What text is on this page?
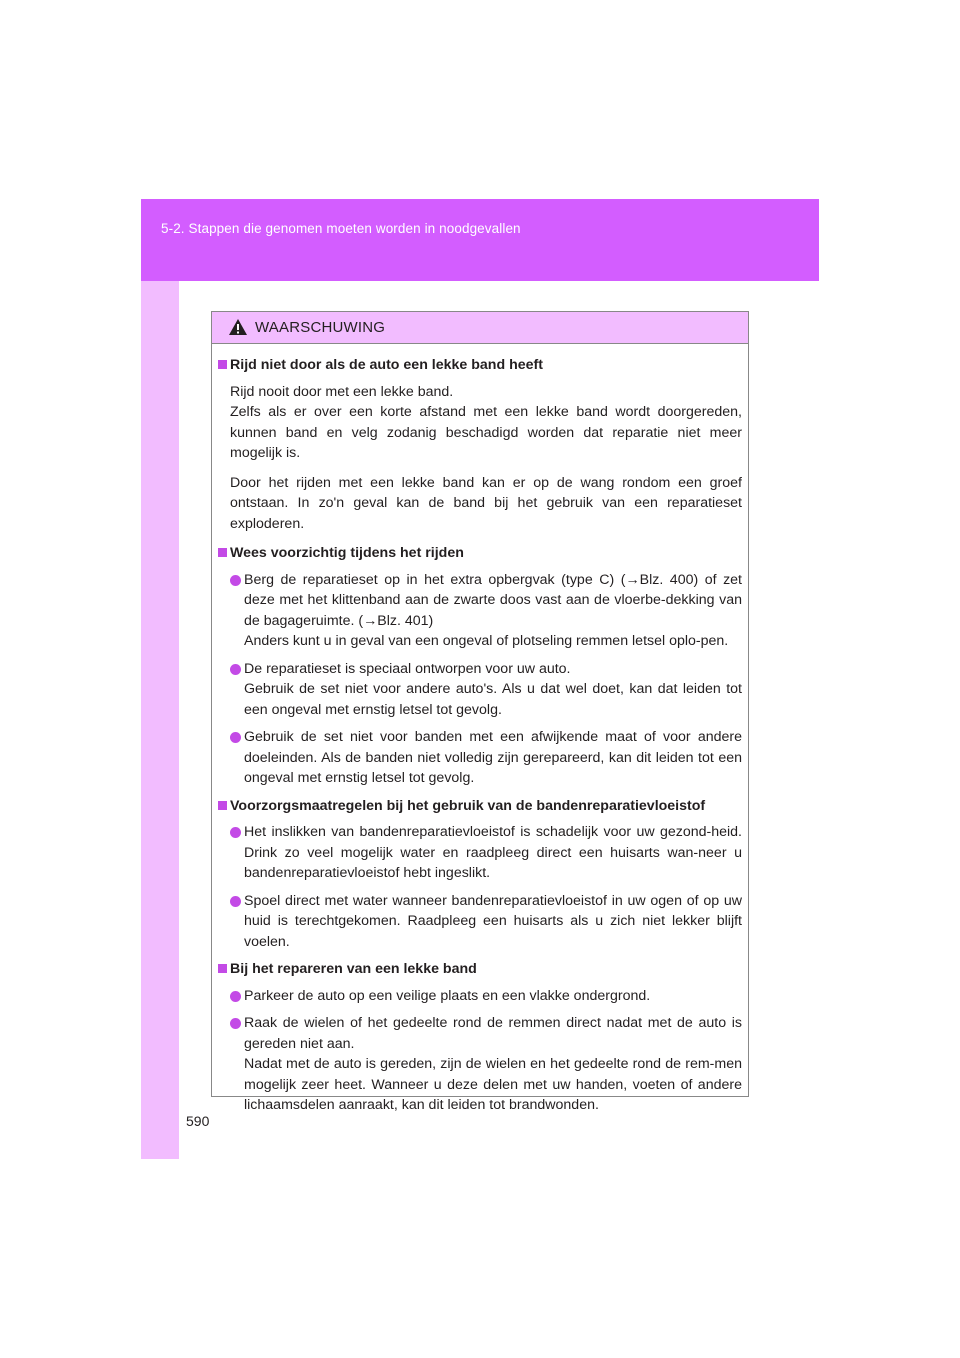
5-2. Stappen die genomen moeten worden in noodgevallen
590
WAARSCHUWING
Rijd niet door als de auto een lekke band heeft
Rijd nooit door met een lekke band.
Zelfs als er over een korte afstand met een lekke band wordt doorgereden, kunnen band en velg zodanig beschadigd worden dat reparatie niet meer mogelijk is.
Door het rijden met een lekke band kan er op de wang rondom een groef ontstaan. In zo'n geval kan de band bij het gebruik van een reparatieset exploderen.
Wees voorzichtig tijdens het rijden
Berg de reparatieset op in het extra opbergvak (type C) (→Blz. 400) of zet deze met het klittenband aan de zwarte doos vast aan de vloerbe-dekking van de bagageruimte. (→Blz. 401)
Anders kunt u in geval van een ongeval of plotseling remmen letsel oplo-pen.
De reparatieset is speciaal ontworpen voor uw auto.
Gebruik de set niet voor andere auto's. Als u dat wel doet, kan dat leiden tot een ongeval met ernstig letsel tot gevolg.
Gebruik de set niet voor banden met een afwijkende maat of voor andere doeleinden. Als de banden niet volledig zijn gerepareerd, kan dit leiden tot een ongeval met ernstig letsel tot gevolg.
Voorzorgsmaatregelen bij het gebruik van de bandenreparatievloeistof
Het inslikken van bandenreparatievloeistof is schadelijk voor uw gezond-heid. Drink zo veel mogelijk water en raadpleeg direct een huisarts wan-neer u bandenreparatievloeistof hebt ingeslikt.
Spoel direct met water wanneer bandenreparatievloeistof in uw ogen of op uw huid is terechtgekomen. Raadpleeg een huisarts als u zich niet lekker blijft voelen.
Bij het repareren van een lekke band
Parkeer de auto op een veilige plaats en een vlakke ondergrond.
Raak de wielen of het gedeelte rond de remmen direct nadat met de auto is gereden niet aan.
Nadat met de auto is gereden, zijn de wielen en het gedeelte rond de rem-men mogelijk zeer heet. Wanneer u deze delen met uw handen, voeten of andere lichaamsdelen aanraakt, kan dit leiden tot brandwonden.
